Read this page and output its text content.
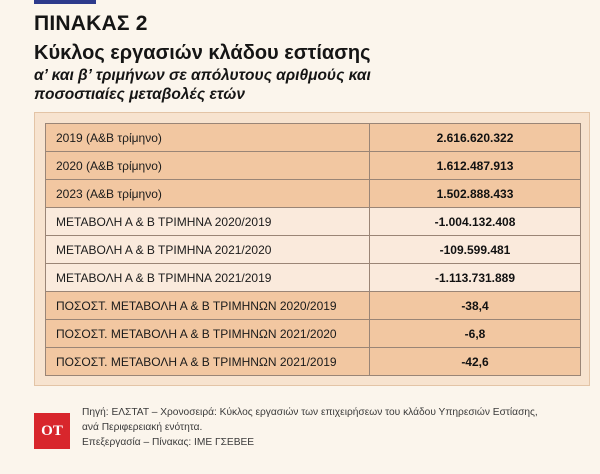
ΠΙΝΑΚΑΣ 2
Κύκλος εργασιών κλάδου εστίασης
α’ και β’ τριμήνων σε απόλυτους αριθμούς και ποσοστιαίες μεταβολές ετών
2019 (Α&Β τρίμηνο)	2.616.620.322
2020 (Α&Β τρίμηνο)	1.612.487.913
2023 (Α&Β τρίμηνο)	1.502.888.433
ΜΕΤΑΒΟΛΗ Α & Β ΤΡΙΜΗΝΑ 2020/2019	-1.004.132.408
ΜΕΤΑΒΟΛΗ Α & Β ΤΡΙΜΗΝΑ 2021/2020	-109.599.481
ΜΕΤΑΒΟΛΗ Α & Β ΤΡΙΜΗΝΑ 2021/2019	-1.113.731.889
ΠΟΣΟΣΤ. ΜΕΤΑΒΟΛΗ Α & Β ΤΡΙΜΗΝΩΝ 2020/2019	-38,4
ΠΟΣΟΣΤ. ΜΕΤΑΒΟΛΗ Α & Β ΤΡΙΜΗΝΩΝ 2021/2020	-6,8
ΠΟΣΟΣΤ. ΜΕΤΑΒΟΛΗ Α & Β ΤΡΙΜΗΝΩΝ 2021/2019	-42,6
ΟΤ
Πηγή: ΕΛΣΤΑΤ – Χρονοσειρά: Κύκλος εργασιών των επιχειρήσεων του κλάδου Υπηρεσιών Εστίασης,
ανά Περιφερειακή ενότητα.
Επεξεργασία – Πίνακας: ΙΜΕ ΓΣΕΒΕΕ
